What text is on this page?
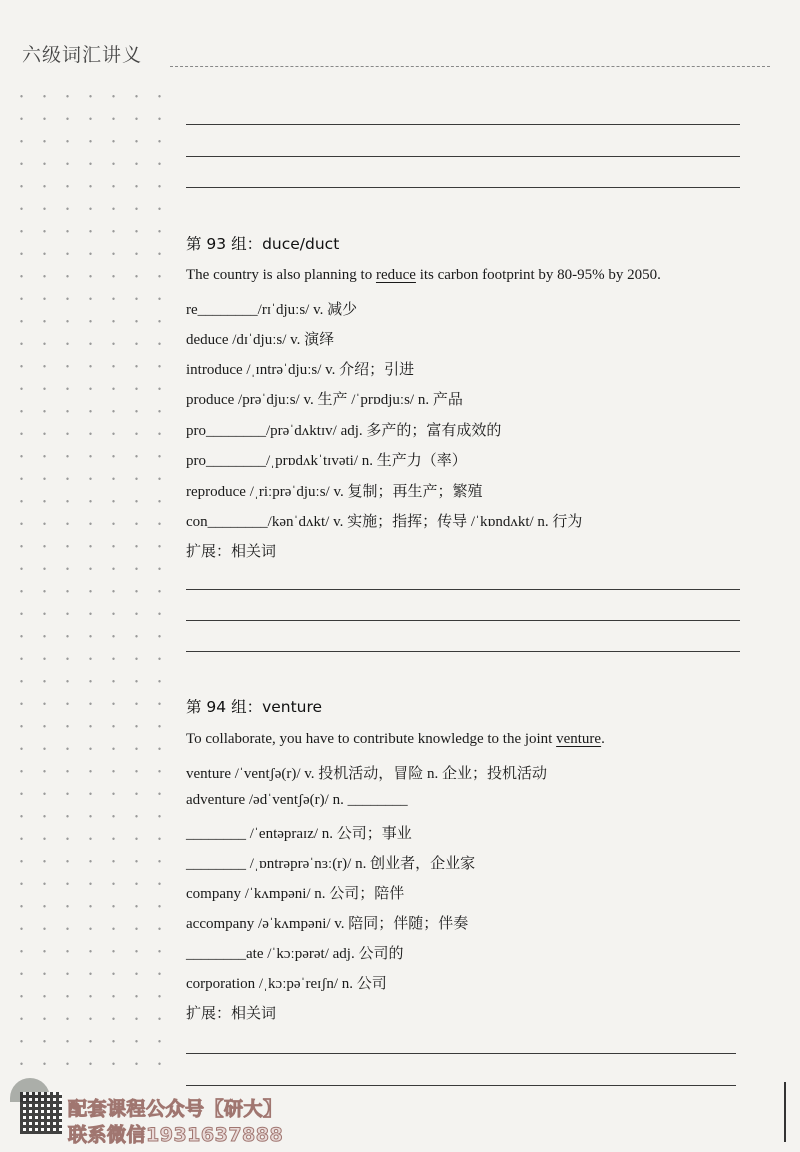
六级词汇讲义
第 93 组：duce/duct
The country is also planning to reduce its carbon footprint by 80-95% by 2050.
re________/rɪˈdjuːs/ v. 减少
deduce /dɪˈdjuːs/ v. 演绎
introduce /ˌɪntrəˈdjuːs/ v. 介绍；引进
produce /prəˈdjuːs/ v. 生产 /ˈprɒdjuːs/ n. 产品
pro________/prəˈdʌktɪv/ adj. 多产的；富有成效的
pro________/ˌprɒdʌkˈtɪvəti/ n. 生产力（率）
reproduce /ˌriːprəˈdjuːs/ v. 复制；再生产；繁殖
con________/kənˈdʌkt/ v. 实施；指挥；传导 /ˈkɒndʌkt/ n. 行为
扩展：相关词
第 94 组：venture
To collaborate, you have to contribute knowledge to the joint venture.
venture /ˈventʃə(r)/ v. 投机活动，冒险 n. 企业；投机活动
adventure /ədˈventʃə(r)/ n. ________
________ /ˈentəpraɪz/ n. 公司；事业
________ /ˌɒntrəprəˈnɜː(r)/ n. 创业者，企业家
company /ˈkʌmpəni/ n. 公司；陪伴
accompany /əˈkʌmpəni/ v. 陪同；伴随；伴奏
________ate /ˈkɔːpərət/ adj. 公司的
corporation /ˌkɔːpəˈreɪʃn/ n. 公司
扩展：相关词
配套课程公众号【研大】
联系微信1931637888
